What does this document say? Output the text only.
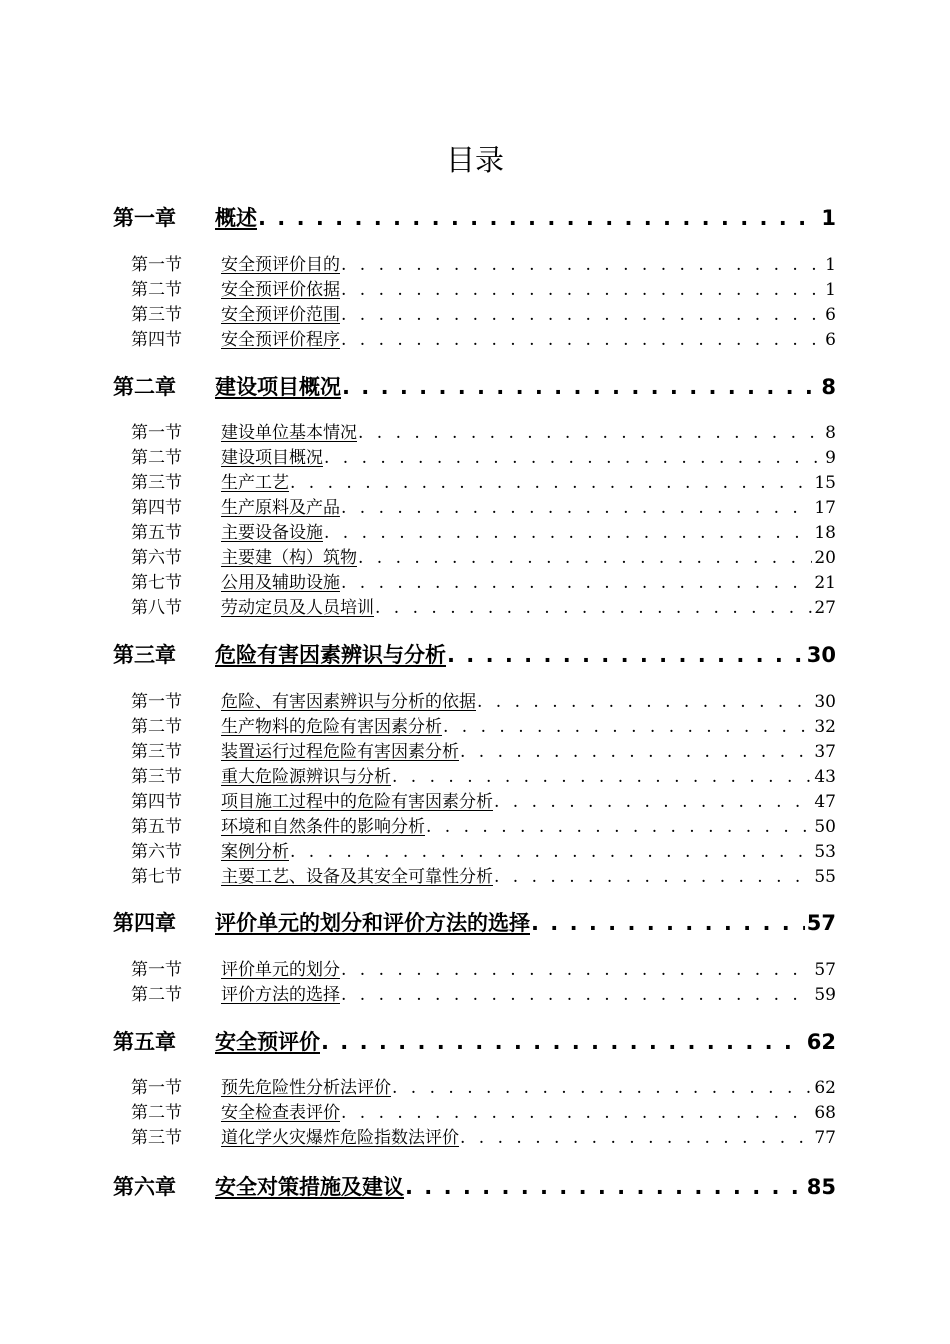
目录
第一章 概述 . . .	1
第一节 安全预评价目的 . . .	1
第二节 安全预评价依据 . . .	1
第三节 安全预评价范围 . . .	6
第四节 安全预评价程序 . . .	6
第二章 建设项目概况 . . .	8
第一节 建设单位基本情况 . . .	8
第二节 建设项目概况 . . .	9
第三节 生产工艺 . . .	15
第四节 生产原料及产品 . . .	17
第五节 主要设备设施 . . .	18
第六节 主要建（构）筑物 . . .	20
第七节 公用及辅助设施 . . .	21
第八节 劳动定员及人员培训 . . .	27
第三章 危险有害因素辨识与分析 . . .	30
第一节 危险、有害因素辨识与分析的依据 . . .	30
第二节 生产物料的危险有害因素分析 . . .	32
第三节 装置运行过程危险有害因素分析 . . .	37
第三节 重大危险源辨识与分析 . . .	43
第四节 项目施工过程中的危险有害因素分析 . . .	47
第五节 环境和自然条件的影响分析 . . .	50
第六节 案例分析 . . .	53
第七节 主要工艺、设备及其安全可靠性分析 . . .	55
第四章 评价单元的划分和评价方法的选择 . . .	57
第一节 评价单元的划分 . . .	57
第二节 评价方法的选择 . . .	59
第五章 安全预评价 . . .	62
第一节 预先危险性分析法评价 . . .	62
第二节 安全检查表评价 . . .	68
第三节 道化学火灾爆炸危险指数法评价 . . .	77
第六章 安全对策措施及建议 . . .	85
